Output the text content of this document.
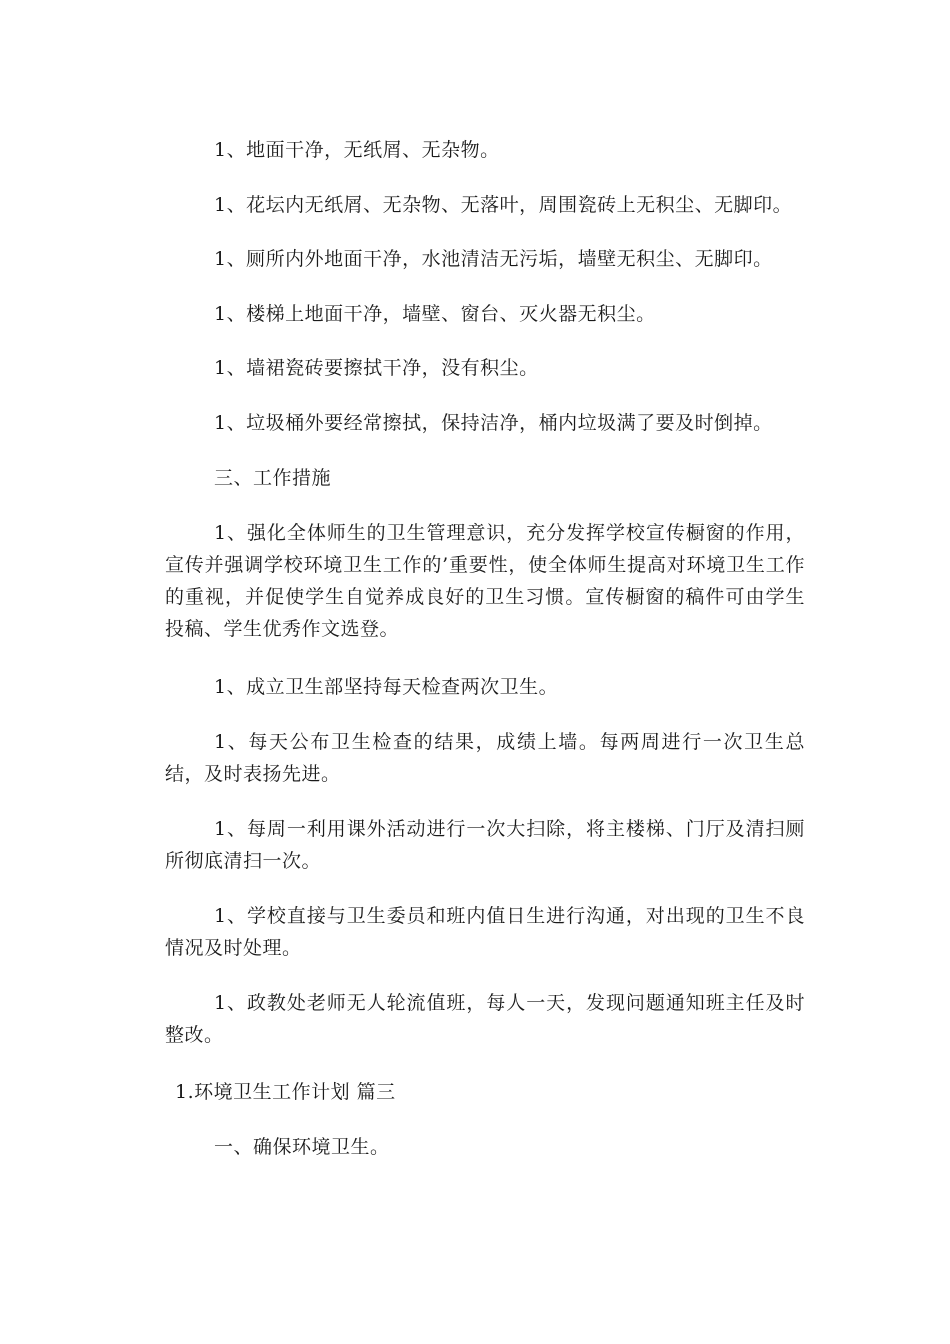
1、地面干净，无纸屑、无杂物。

1、花坛内无纸屑、无杂物、无落叶，周围瓷砖上无积尘、无脚印。

1、厕所内外地面干净，水池清洁无污垢，墙壁无积尘、无脚印。

1、楼梯上地面干净，墙壁、窗台、灭火器无积尘。

1、墙裙瓷砖要擦拭干净，没有积尘。

1、垃圾桶外要经常擦拭，保持洁净，桶内垃圾满了要及时倒掉。

三、工作措施

1、强化全体师生的卫生管理意识，充分发挥学校宣传橱窗的作用，宣传并强调学校环境卫生工作的’重要性，使全体师生提高对环境卫生工作的重视，并促使学生自觉养成良好的卫生习惯。宣传橱窗的稿件可由学生投稿、学生优秀作文选登。

1、成立卫生部坚持每天检查两次卫生。

1、每天公布卫生检查的结果，成绩上墙。每两周进行一次卫生总结，及时表扬先进。

1、每周一利用课外活动进行一次大扫除，将主楼梯、门厅及清扫厕所彻底清扫一次。

1、学校直接与卫生委员和班内值日生进行沟通，对出现的卫生不良情况及时处理。

1、政教处老师无人轮流值班，每人一天，发现问题通知班主任及时整改。

1.环境卫生工作计划 篇三

一、确保环境卫生。
